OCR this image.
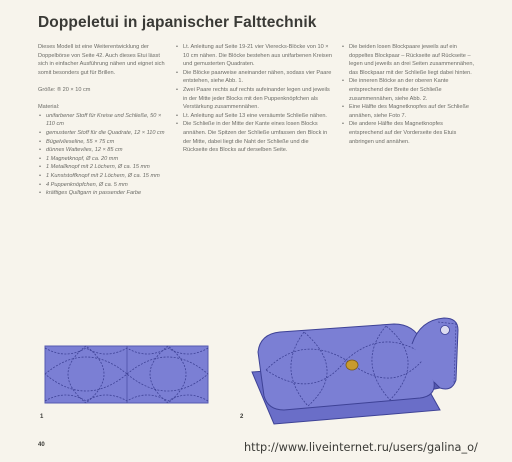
Doppeletui in japanischer Falttechnik

Dieses Modell ist eine Weiterentwicklung der Doppelbörse von Seite 42. Auch dieses Etui lässt sich in einfacher Ausführung nähen und eignet sich somit besonders gut für Brillen.

Größe: ® 20 × 10 cm

Material:

• unifarbener Stoff für Kreise und Schließe, 50 × 110 cm
• gemusterter Stoff für die Quadrate, 12 × 110 cm
• Bügelvlieseline, 55 × 75 cm
• dünnes Wattevlies, 12 × 85 cm
• 1 Magnetknopf, Ø ca. 20 mm
• 1 Metallknopf mit 2 Löchern, Ø ca. 15 mm
• 1 Kunststoffknopf mit 2 Löchern, Ø ca. 15 mm
• 4 Puppenknöpfchen, Ø ca. 5 mm
• kräftiges Quiltgarn in passender Farbe
• Lt. Anleitung auf Seite 19-21 vier Vierecks-Blöcke von 10 × 10 cm nähen. Die Blöcke bestehen aus unifarbenen Kreisen und gemusterten Quadraten.
• Die Blöcke paarweise aneinander nähen, sodass vier Paare entstehen, siehe Abb. 1.
• Zwei Paare rechts auf rechts aufeinander legen und jeweils in der Mitte jeder Blocks mit den Puppenknöpfchen als Verstärkung zusammennähen.
• Lt. Anleitung auf Seite 13 eine versäumte Schließe nähen.
• Die Schließe in der Mitte der Kante eines losen Blocks annähen. Die Spitzen der Schließe umfassen den Block in der Mitte, dabei liegt die Naht der Schließe und die Rückseite des Blocks auf derselben Seite.
• Die beiden losen Blockpaare jeweils auf ein doppeltes Blockpaar – Rückseite auf Rückseite – legen und jeweils an drei Seiten zusammennähen, das Blockpaar mit der Schließe liegt dabei hinten.
• Die inneren Blöcke an der oberen Kante entsprechend der Breite der Schließe zusammennähen, siehe Abb. 2.
• Eine Hälfte des Magnetknopfes auf der Schließe annähen, siehe Foto 7.
• Die andere Hälfte des Magnetknopfes entsprechend auf der Vorderseite des Etuis anbringen und annähen.
1	2
40	http://www.liveinternet.ru/users/galina_o/
